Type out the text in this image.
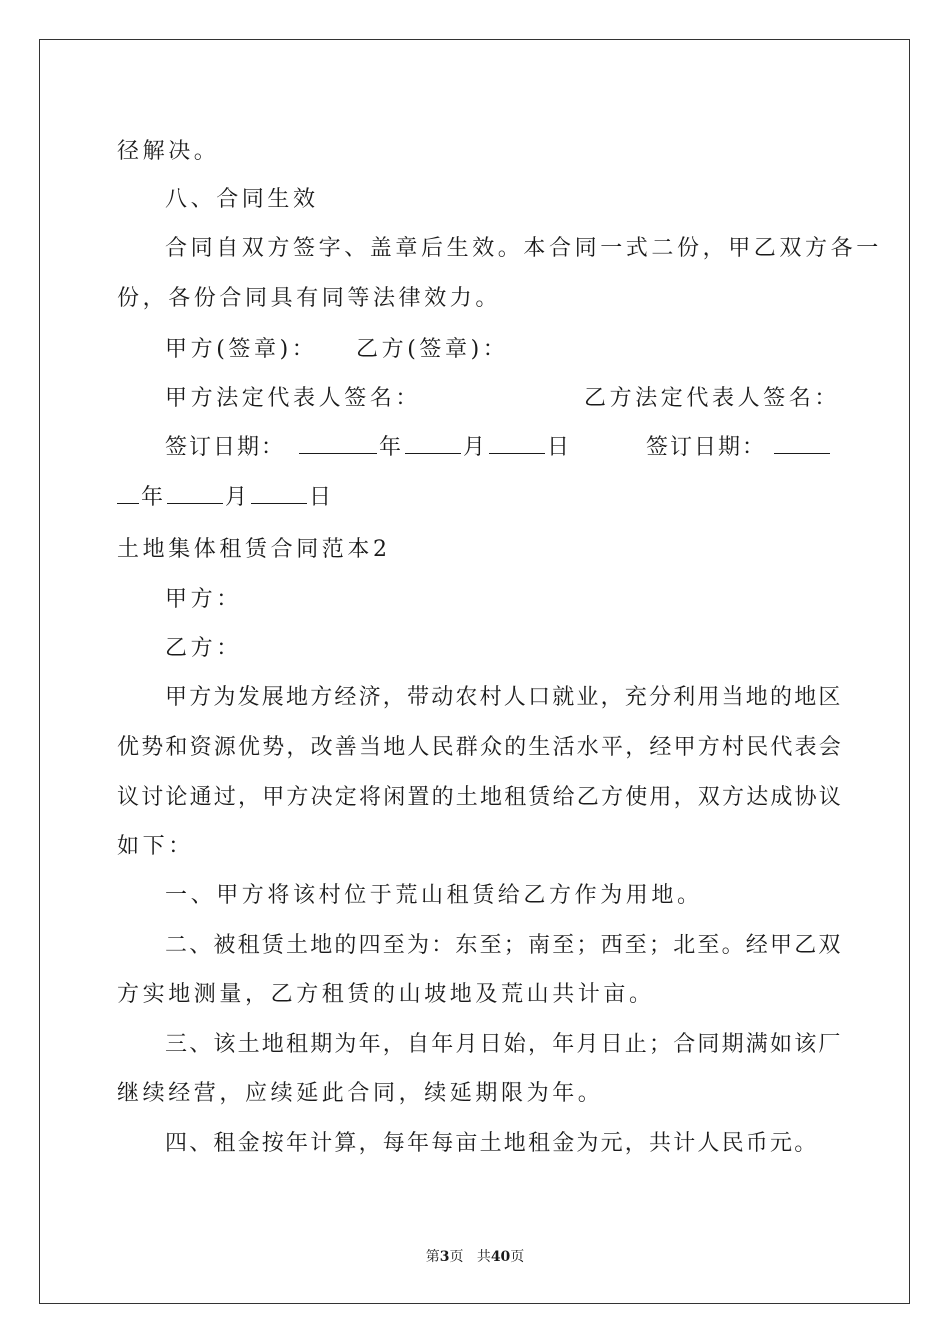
径解决。
八、合同生效
合同自双方签字、盖章后生效。本合同一式二份，甲乙双方各一
份，各份合同具有同等法律效力。
甲方(签章)： 乙方(签章)：
甲方法定代表人签名：	乙方法定代表人签名：
签订日期：	年	月	日	签订日期：
年	月	日
土地集体租赁合同范本2
甲方：
乙方：
甲方为发展地方经济，带动农村人口就业，充分利用当地的地区
优势和资源优势，改善当地人民群众的生活水平，经甲方村民代表会
议讨论通过，甲方决定将闲置的土地租赁给乙方使用，双方达成协议
如下：
一、甲方将该村位于荒山租赁给乙方作为用地。
二、被租赁土地的四至为：东至；南至；西至；北至。经甲乙双
方实地测量，乙方租赁的山坡地及荒山共计亩。
三、该土地租期为年，自年月日始，年月日止；合同期满如该厂
继续经营，应续延此合同，续延期限为年。
四、租金按年计算，每年每亩土地租金为元，共计人民币元。
第3页 共40页
